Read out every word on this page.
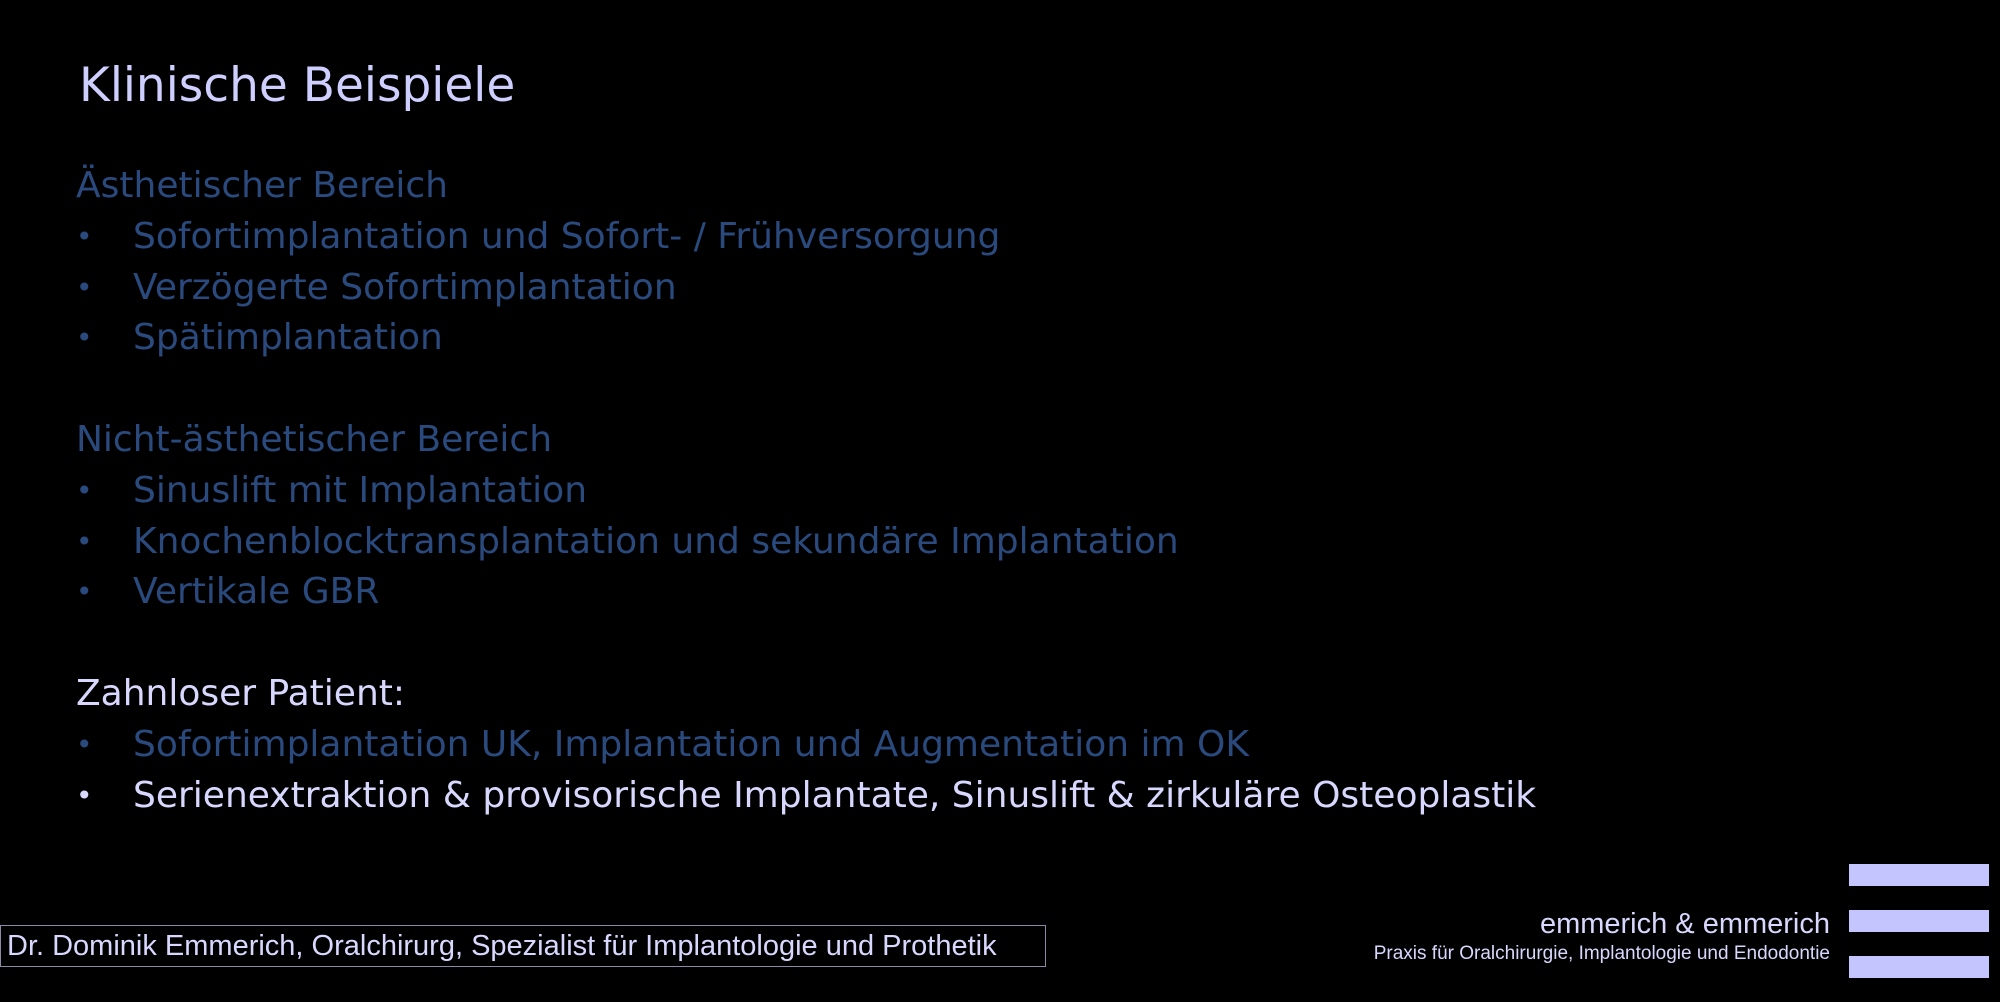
Klinische Beispiele
Ästhetischer Bereich
•	Sofortimplantation und Sofort- / Frühversorgung
•	Verzögerte Sofortimplantation
•	Spätimplantation
Nicht-ästhetischer Bereich
•	Sinuslift mit Implantation
•	Knochenblocktransplantation und sekundäre Implantation
•	Vertikale GBR
Zahnloser Patient:
•	Sofortimplantation UK, Implantation und Augmentation im OK
•	Serienextraktion & provisorische Implantate, Sinuslift & zirkuläre Osteoplastik
Dr. Dominik Emmerich, Oralchirurg, Spezialist für Implantologie und Prothetik
emmerich & emmerich
Praxis für Oralchirurgie, Implantologie und Endodontie
